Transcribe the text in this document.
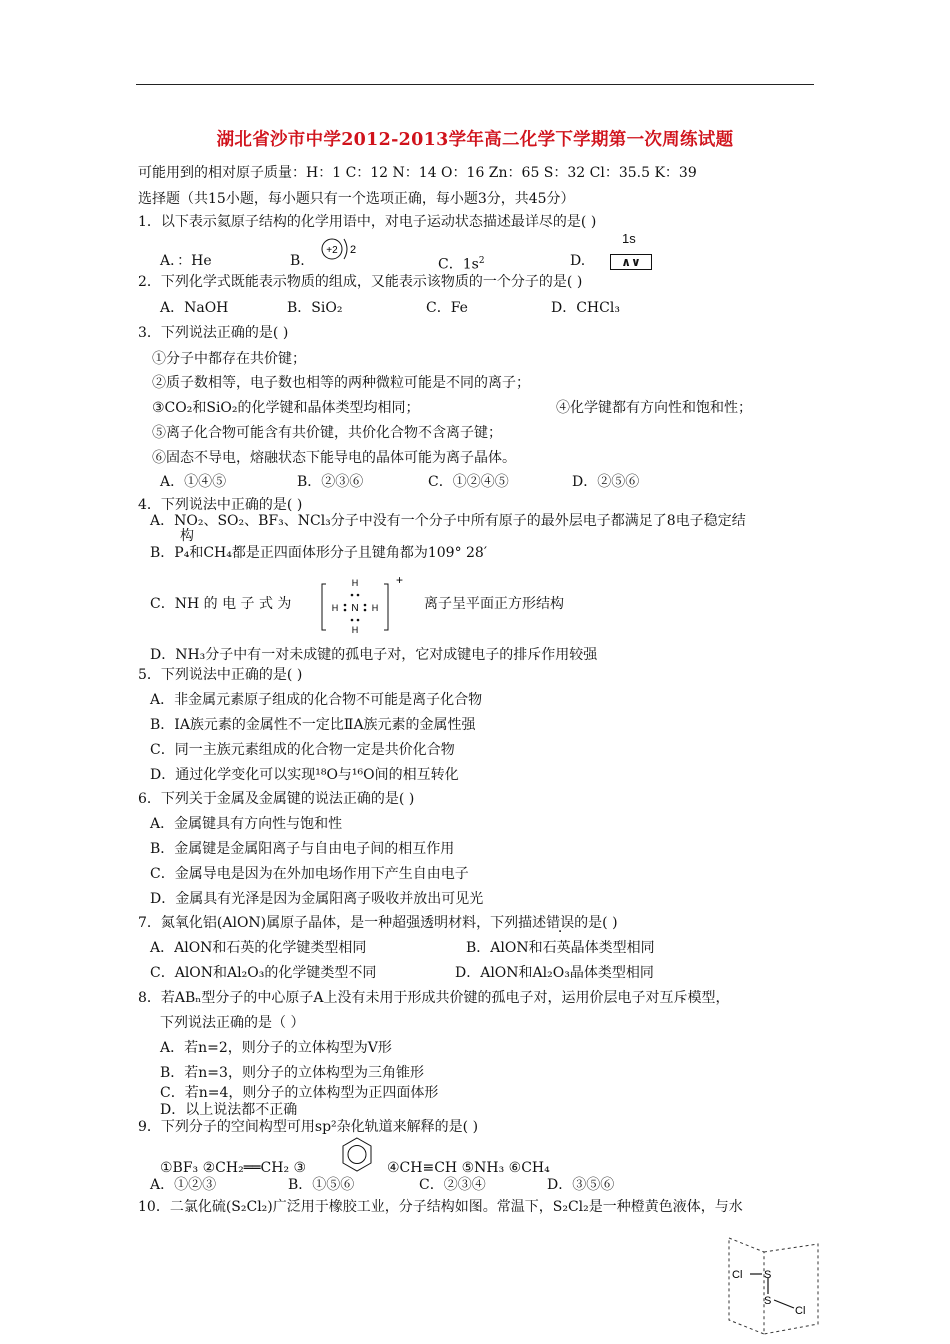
湖北省沙市中学2012-2013学年高二化学下学期第一次周练试题
可能用到的相对原子质量：H：1 C：12 N：14 O：16 Zn：65 S：32 Cl：35.5 K：39
选择题（共15小题，每小题只有一个选项正确，每小题3分，共45分）
1．以下表示氦原子结构的化学用语中，对电子运动状态描述最详尽的是( )
A．：He	B.
+2 2
C．$1s^2$	D.
1s
∧∨
2．下列化学式既能表示物质的组成，又能表示该物质的一个分子的是( )
A．NaOH	B．SiO₂	C．Fe	D．CHCl₃
3．下列说法正确的是( )
①分子中都存在共价键；
②质子数相等，电子数也相等的两种微粒可能是不同的离子；
③CO₂和SiO₂的化学键和晶体类型均相同；	④化学键都有方向性和饱和性；
⑤离子化合物可能含有共价键，共价化合物不含离子键；
⑥固态不导电，熔融状态下能导电的晶体可能为离子晶体。
A．①④⑤	B．②③⑥	C．①②④⑤	D．②⑤⑥
4．下列说法中正确的是( )
A．NO₂、SO₂、BF₃、NCl₃分子中没有一个分子中所有原子的最外层电子都满足了8电子稳定结
构
B．P₄和CH₄都是正四面体形分子且键角都为109° 28′
C．NH 的 电 子 式 为
H
H N H
H
+
离子呈平面正方形结构
D．NH₃分子中有一对未成键的孤电子对，它对成键电子的排斥作用较强
5．下列说法中正确的是( )
A．非金属元素原子组成的化合物不可能是离子化合物
B．ⅠA族元素的金属性不一定比ⅡA族元素的金属性强
C．同一主族元素组成的化合物一定是共价化合物
D．通过化学变化可以实现¹⁸O与¹⁶O间的相互转化
6．下列关于金属及金属键的说法正确的是( )
A．金属键具有方向性与饱和性
B．金属键是金属阳离子与自由电子间的相互作用
C．金属导电是因为在外加电场作用下产生自由电子
D．金属具有光泽是因为金属阳离子吸收并放出可见光
7．氮氧化铝(AlON)属原子晶体，是一种超强透明材料，下列描述错误的是( )
A．AlON和石英的化学键类型相同	B．AlON和石英晶体类型相同
C．AlON和Al₂O₃的化学键类型不同	D．AlON和Al₂O₃晶体类型相同
8．若ABₙ型分子的中心原子A上没有未用于形成共价键的孤电子对，运用价层电子对互斥模型，
下列说法正确的是（ ）
A．若n=2，则分子的立体构型为V形
B．若n=3，则分子的立体构型为三角锥形
C．若n=4，则分子的立体构型为正四面体形
D．以上说法都不正确
9．下列分子的空间构型可用sp²杂化轨道来解释的是( )
①BF₃ ②CH₂══CH₂ ③	④CH≡CH ⑤NH₃ ⑥CH₄
A．①②③	B．①⑤⑥	C．②③④	D．③⑤⑥
10．二氯化硫(S₂Cl₂)广泛用于橡胶工业，分子结构如图。常温下，S₂Cl₂是一种橙黄色液体，与水
Cl S
S
Cl
